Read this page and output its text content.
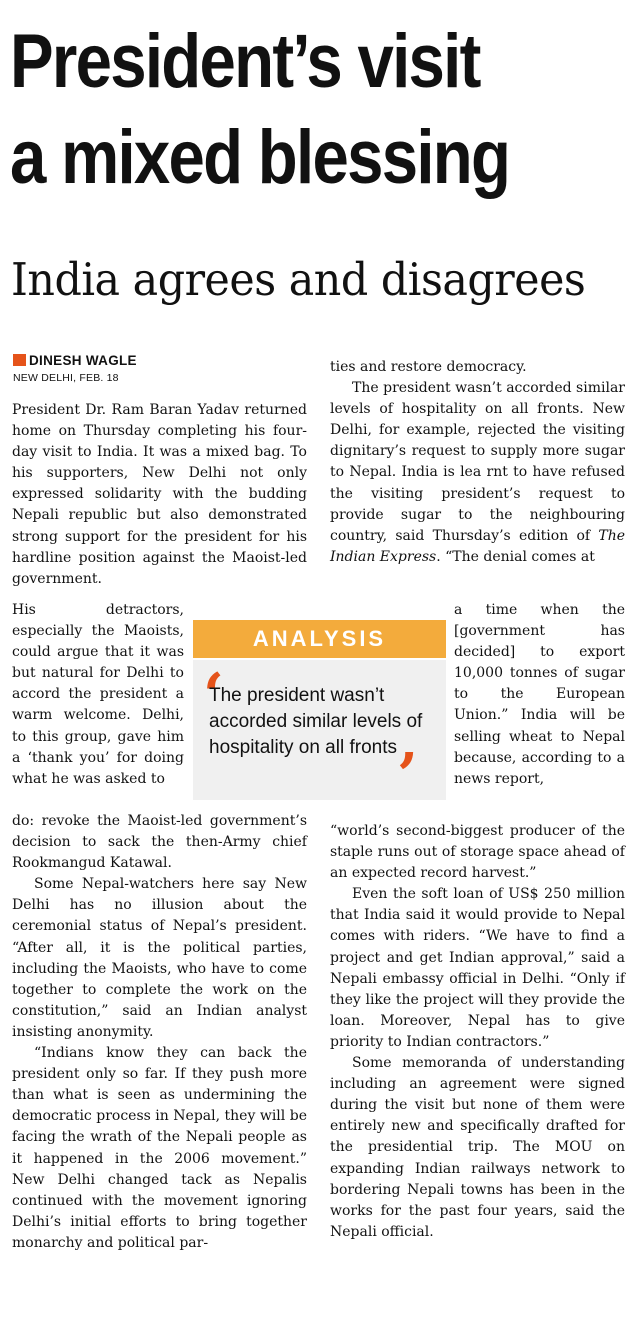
President’s visit
a mixed blessing
India agrees and disagrees
DINESH WAGLE
NEW DELHI, FEB. 18

President Dr. Ram Baran Yadav returned home on Thursday completing his four-day visit to India. It was a mixed bag. To his supporters, New Delhi not only expressed solidarity with the budding Nepali republic but also demonstrated strong support for the president for his hardline position against the Maoist-led government.

His detractors, especially the Maoists, could argue that it was but natural for Delhi to accord the president a warm welcome. Delhi, to this group, gave him a ‘thank you’ for doing what he was asked to

do: revoke the Maoist-led government’s decision to sack the then-Army chief Rookmangud Katawal.

Some Nepal-watchers here say New Delhi has no illusion about the ceremonial status of Nepal’s president. “After all, it is the political parties, including the Maoists, who have to come together to complete the work on the constitution,” said an Indian analyst insisting anonymity.

“Indians know they can back the president only so far. If they push more than what is seen as undermining the democratic process in Nepal, they will be facing the wrath of the Nepali people as it happened in the 2006 movement.” New Delhi changed tack as Nepalis continued with the movement ignoring Delhi’s initial efforts to bring together monarchy and political par-

ties and restore democracy.

The president wasn’t accorded similar levels of hospitality on all fronts. New Delhi, for example, rejected the visiting dignitary’s request to supply more sugar to Nepal. India is lea rnt to have refused the visiting president’s request to provide sugar to the neighbouring country, said Thursday’s edition of The Indian Express. “The denial comes at

a time when the [government has decided] to export 10,000 tonnes of sugar to the European Union.” India will be selling wheat to Nepal because, according to a news report,

“world’s second-biggest producer of the staple runs out of storage space ahead of an expected record harvest.”

Even the soft loan of US$ 250 million that India said it would provide to Nepal comes with riders. “We have to find a project and get Indian approval,” said a Nepali embassy official in Delhi. “Only if they like the project will they provide the loan. Moreover, Nepal has to give priority to Indian contractors.”

Some memoranda of understanding including an agreement were signed during the visit but none of them were entirely new and specifically drafted for the presidential trip. The MOU on expanding Indian railways network to bordering Nepali towns has been in the works for the past four years, said the Nepali official.

ANALYSIS
‘
The president wasn’t accorded similar levels of hospitality on all fronts ’
